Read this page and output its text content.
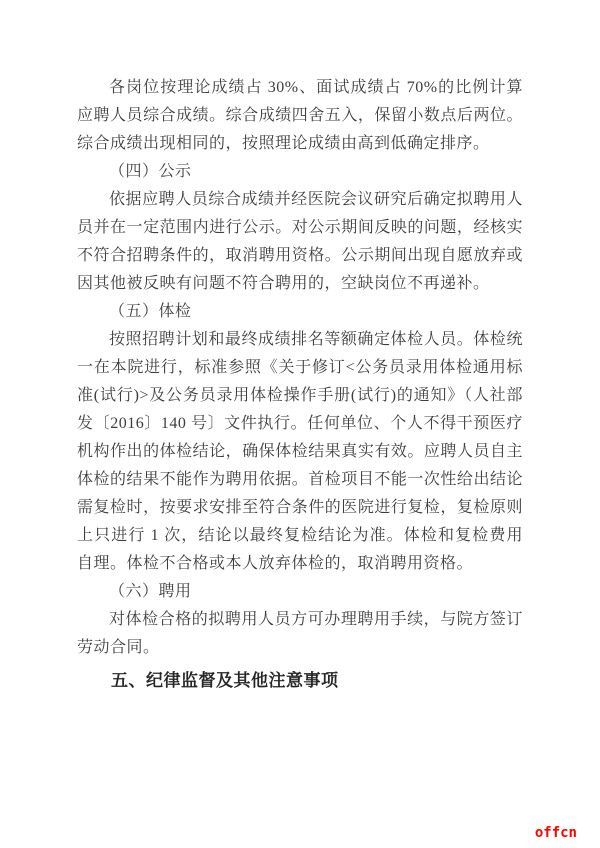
各岗位按理论成绩占 30%、面试成绩占 70%的比例计算应聘人员综合成绩。综合成绩四舍五入，保留小数点后两位。综合成绩出现相同的，按照理论成绩由高到低确定排序。

（四）公示

依据应聘人员综合成绩并经医院会议研究后确定拟聘用人员并在一定范围内进行公示。对公示期间反映的问题，经核实不符合招聘条件的，取消聘用资格。公示期间出现自愿放弃或因其他被反映有问题不符合聘用的，空缺岗位不再递补。

（五）体检

按照招聘计划和最终成绩排名等额确定体检人员。体检统一在本院进行，标准参照《关于修订<公务员录用体检通用标准(试行)>及公务员录用体检操作手册(试行)的通知》（人社部发〔2016〕140 号〕文件执行。任何单位、个人不得干预医疗机构作出的体检结论，确保体检结果真实有效。应聘人员自主体检的结果不能作为聘用依据。首检项目不能一次性给出结论需复检时，按要求安排至符合条件的医院进行复检，复检原则上只进行 1 次，结论以最终复检结论为准。体检和复检费用自理。体检不合格或本人放弃体检的，取消聘用资格。

（六）聘用

对体检合格的拟聘用人员方可办理聘用手续，与院方签订劳动合同。

五、纪律监督及其他注意事项

offcn
